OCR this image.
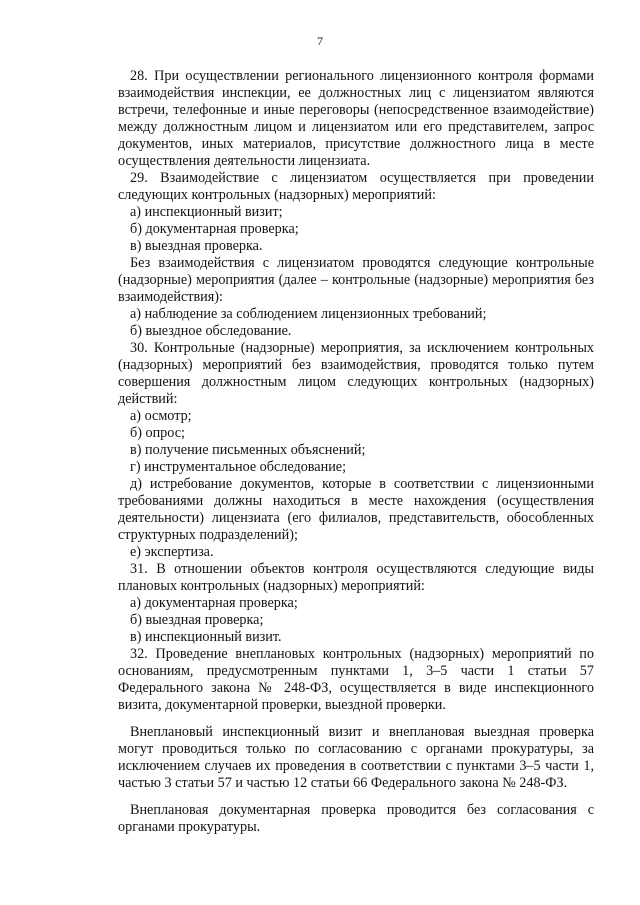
7

28. При осуществлении регионального лицензионного контроля формами взаимодействия инспекции, ее должностных лиц с лицензиатом являются встречи, телефонные и иные переговоры (непосредственное взаимодействие) между должностным лицом и лицензиатом или его представителем, запрос документов, иных материалов, присутствие должностного лица в месте осуществления деятельности лицензиата.

29. Взаимодействие с лицензиатом осуществляется при проведении следующих контрольных (надзорных) мероприятий:

а) инспекционный визит;

б) документарная проверка;

в) выездная проверка.

Без взаимодействия с лицензиатом проводятся следующие контрольные (надзорные) мероприятия (далее – контрольные (надзорные) мероприятия без взаимодействия):

а) наблюдение за соблюдением лицензионных требований;

б) выездное обследование.

30. Контрольные (надзорные) мероприятия, за исключением контрольных (надзорных) мероприятий без взаимодействия, проводятся только путем совершения должностным лицом следующих контрольных (надзорных) действий:

а) осмотр;

б) опрос;

в) получение письменных объяснений;

г) инструментальное обследование;

д) истребование документов, которые в соответствии с лицензионными требованиями должны находиться в месте нахождения (осуществления деятельности) лицензиата (его филиалов, представительств, обособленных структурных подразделений);

е) экспертиза.

31. В отношении объектов контроля осуществляются следующие виды плановых контрольных (надзорных) мероприятий:

а) документарная проверка;

б) выездная проверка;

в) инспекционный визит.

32. Проведение внеплановых контрольных (надзорных) мероприятий по основаниям, предусмотренным пунктами 1, 3–5 части 1 статьи 57 Федерального закона № 248-ФЗ, осуществляется в виде инспекционного визита, документарной проверки, выездной проверки.

Внеплановый инспекционный визит и внеплановая выездная проверка могут проводиться только по согласованию с органами прокуратуры, за исключением случаев их проведения в соответствии с пунктами 3–5 части 1, частью 3 статьи 57 и частью 12 статьи 66 Федерального закона № 248-ФЗ.

Внеплановая документарная проверка проводится без согласования с органами прокуратуры.
